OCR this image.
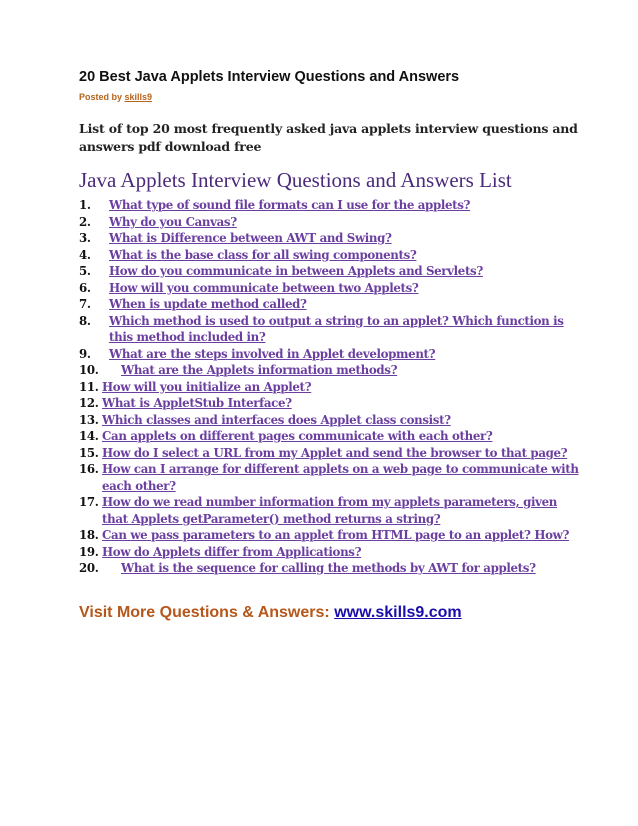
20 Best Java Applets Interview Questions and Answers
Posted by skills9
List of top 20 most frequently asked java applets interview questions and answers pdf download free
Java Applets Interview Questions and Answers List
1. What type of sound file formats can I use for the applets?
2. Why do you Canvas?
3. What is Difference between AWT and Swing?
4. What is the base class for all swing components?
5. How do you communicate in between Applets and Servlets?
6. How will you communicate between two Applets?
7. When is update method called?
8. Which method is used to output a string to an applet? Which function is this method included in?
9. What are the steps involved in Applet development?
10. What are the Applets information methods?
11. How will you initialize an Applet?
12. What is AppletStub Interface?
13. Which classes and interfaces does Applet class consist?
14. Can applets on different pages communicate with each other?
15. How do I select a URL from my Applet and send the browser to that page?
16. How can I arrange for different applets on a web page to communicate with each other?
17. How do we read number information from my applets parameters, given that Applets getParameter() method returns a string?
18. Can we pass parameters to an applet from HTML page to an applet? How?
19. How do Applets differ from Applications?
20. What is the sequence for calling the methods by AWT for applets?
Visit More Questions & Answers: www.skills9.com
